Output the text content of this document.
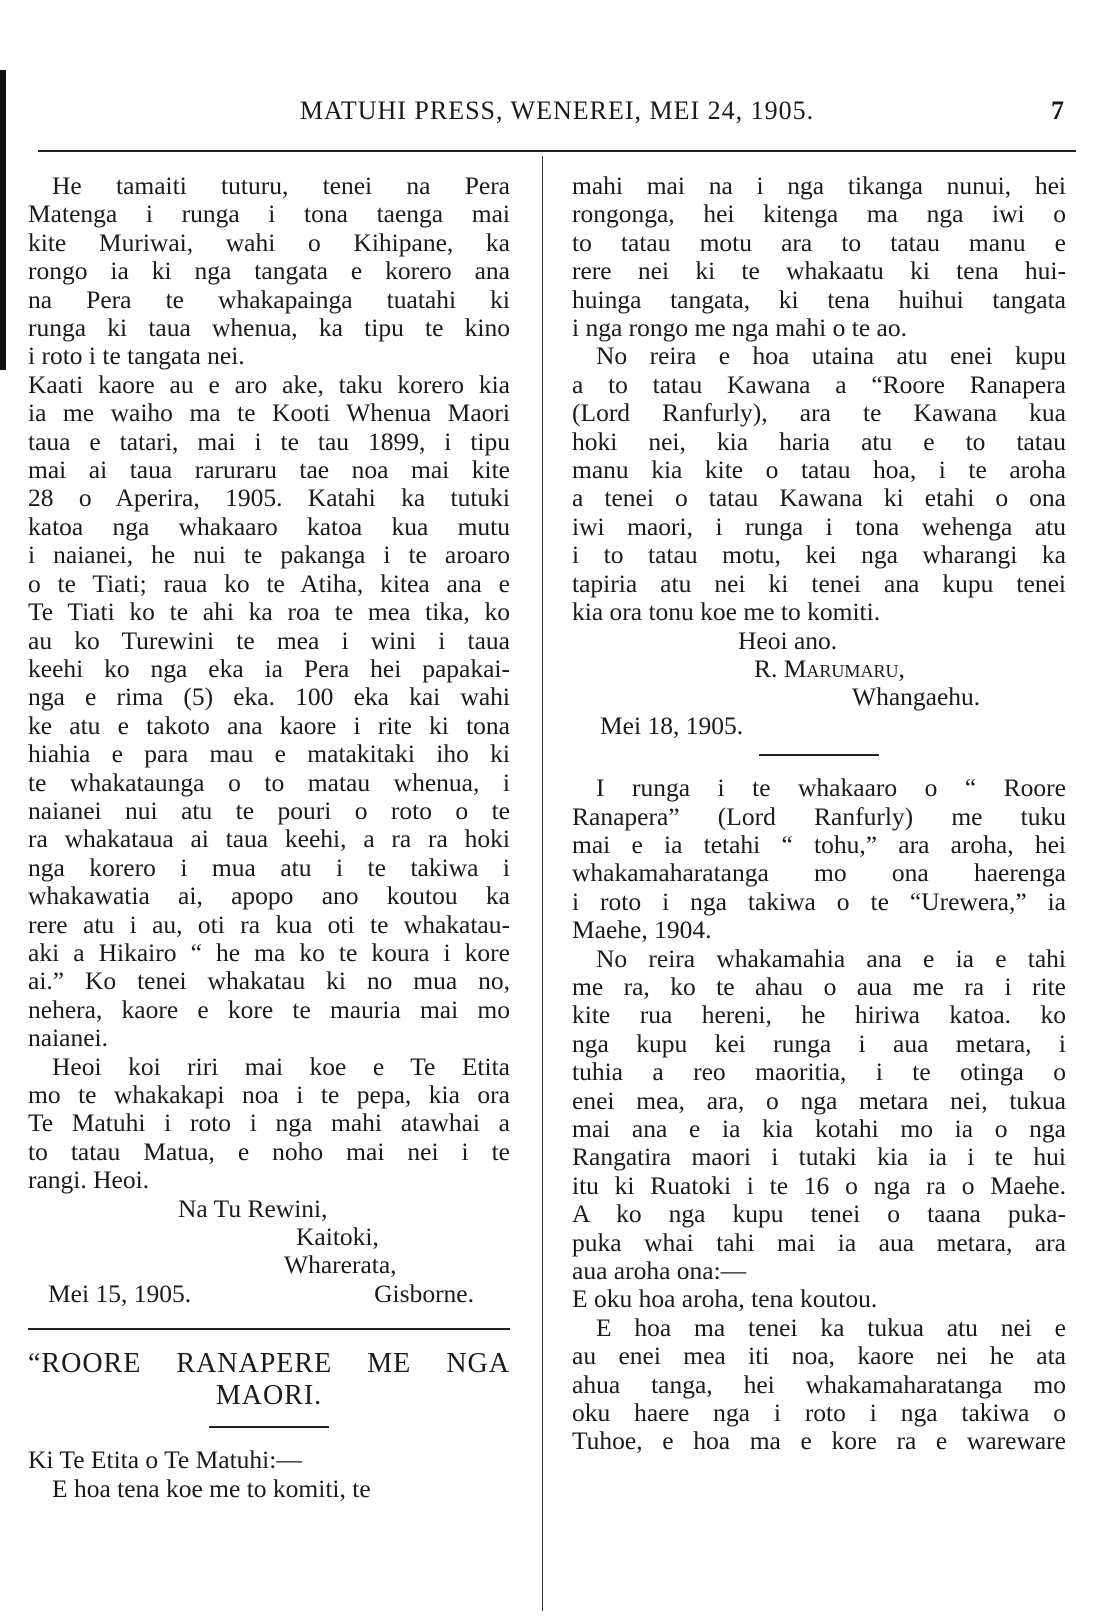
MATUHI PRESS, WENEREI, MEI 24, 1905.	7
He tamaiti tuturu, tenei na Pera
Matenga i runga i tona taenga mai
kite Muriwai, wahi o Kihipane, ka
rongo ia ki nga tangata e korero ana
na Pera te whakapainga tuatahi ki
runga ki taua whenua, ka tipu te kino
i roto i te tangata nei.
Kaati kaore au e aro ake, taku korero kia
ia me waiho ma te Kooti Whenua Maori
taua e tatari, mai i te tau 1899, i tipu
mai ai taua raruraru tae noa mai kite
28 o Aperira, 1905. Katahi ka tutuki
katoa nga whakaaro katoa kua mutu
i naianei, he nui te pakanga i te aroaro
o te Tiati; raua ko te Atiha, kitea ana e
Te Tiati ko te ahi ka roa te mea tika, ko
au ko Turewini te mea i wini i taua
keehi ko nga eka ia Pera hei papakai-
nga e rima (5) eka. 100 eka kai wahi
ke atu e takoto ana kaore i rite ki tona
hiahia e para mau e matakitaki iho ki
te whakataunga o to matau whenua, i
naianei nui atu te pouri o roto o te
ra whakataua ai taua keehi, a ra ra hoki
nga korero i mua atu i te takiwa i
whakawatia ai, apopo ano koutou ka
rere atu i au, oti ra kua oti te whakatau-
aki a Hikairo “ he ma ko te koura i kore
ai.” Ko tenei whakatau ki no mua no,
nehera, kaore e kore te mauria mai mo
naianei.
Heoi koi riri mai koe e Te Etita
mo te whakakapi noa i te pepa, kia ora
Te Matuhi i roto i nga mahi atawhai a
to tatau Matua, e noho mai nei i te
rangi. Heoi.
Na Tu Rewini,
Kaitoki,
Wharerata,
Mei 15, 1905.	Gisborne.
“ROORE RANAPERE ME NGA
MAORI.
Ki Te Etita o Te Matuhi:—
E hoa tena koe me to komiti, te
mahi mai na i nga tikanga nunui, hei
rongonga, hei kitenga ma nga iwi o
to tatau motu ara to tatau manu e
rere nei ki te whakaatu ki tena hui-
huinga tangata, ki tena huihui tangata
i nga rongo me nga mahi o te ao.
No reira e hoa utaina atu enei kupu
a to tatau Kawana a “Roore Ranapera
(Lord Ranfurly), ara te Kawana kua
hoki nei, kia haria atu e to tatau
manu kia kite o tatau hoa, i te aroha
a tenei o tatau Kawana ki etahi o ona
iwi maori, i runga i tona wehenga atu
i to tatau motu, kei nga wharangi ka
tapiria atu nei ki tenei ana kupu tenei
kia ora tonu koe me to komiti.
Heoi ano.
R. Marumaru,
Whangaehu.
Mei 18, 1905.
I runga i te whakaaro o “ Roore
Ranapera” (Lord Ranfurly) me tuku
mai e ia tetahi “ tohu,” ara aroha, hei
whakamaharatanga mo ona haerenga
i roto i nga takiwa o te “Urewera,” ia
Maehe, 1904.
No reira whakamahia ana e ia e tahi
me ra, ko te ahau o aua me ra i rite
kite rua hereni, he hiriwa katoa. ko
nga kupu kei runga i aua metara, i
tuhia a reo maoritia, i te otinga o
enei mea, ara, o nga metara nei, tukua
mai ana e ia kia kotahi mo ia o nga
Rangatira maori i tutaki kia ia i te hui
itu ki Ruatoki i te 16 o nga ra o Maehe.
A ko nga kupu tenei o taana puka-
puka whai tahi mai ia aua metara, ara
aua aroha ona:—
E oku hoa aroha, tena koutou.
E hoa ma tenei ka tukua atu nei e
au enei mea iti noa, kaore nei he ata
ahua tanga, hei whakamaharatanga mo
oku haere nga i roto i nga takiwa o
Tuhoe, e hoa ma e kore ra e wareware
